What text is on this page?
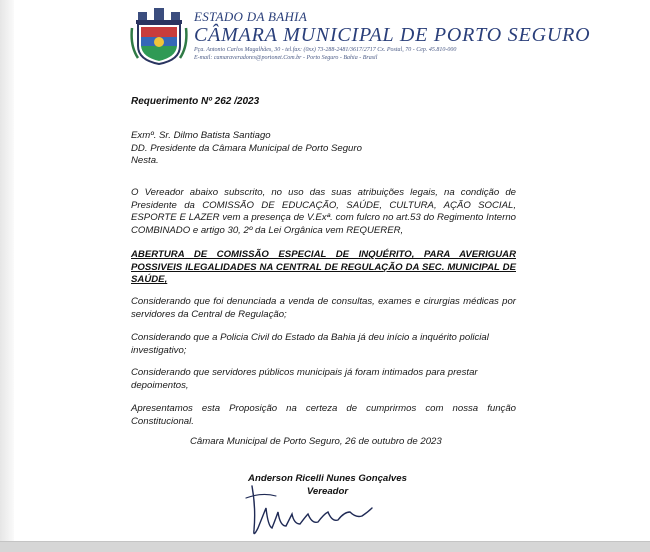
ESTADO DA BAHIA
CÂMARA MUNICIPAL DE PORTO SEGURO
Pça. Antonio Carlos Magalhães, 30 - tel.fax: (0xx) 73-288-2481/3617/2717 Cx. Postal, 70 - Cep. 45.810-000
E-mail: camaraveradores@portonet.Com.br - Porto Seguro - Bahia - Brasil
Requerimento Nº 262 /2023
Exmº. Sr. Dilmo Batista Santiago
DD. Presidente da Câmara Municipal de Porto Seguro
Nesta.
O Vereador abaixo subscrito, no uso das suas atribuições legais, na condição de Presidente da COMISSÃO DE EDUCAÇÃO, SAÚDE, CULTURA, AÇÃO SOCIAL, ESPORTE E LAZER vem a presença de V.Exª. com fulcro no art.53 do Regimento Interno COMBINADO e artigo 30, 2º da Lei Orgânica vem REQUERER,
ABERTURA DE COMISSÃO ESPECIAL DE INQUÉRITO, PARA AVERIGUAR POSSIVEIS ILEGALIDADES NA CENTRAL DE REGULAÇÃO DA SEC. MUNICIPAL DE SAÚDE,
Considerando que foi denunciada a venda de consultas, exames e cirurgias médicas por servidores da Central de Regulação;
Considerando que a Policia Civil do Estado da Bahia já deu início a inquérito policial investigativo;
Considerando que servidores públicos municipais já foram intimados para prestar depoimentos,
Apresentamos esta Proposição na certeza de cumprirmos com nossa função Constitucional.
Câmara Municipal de Porto Seguro, 26 de outubro de 2023
Anderson Ricelli Nunes Gonçalves
Vereador
